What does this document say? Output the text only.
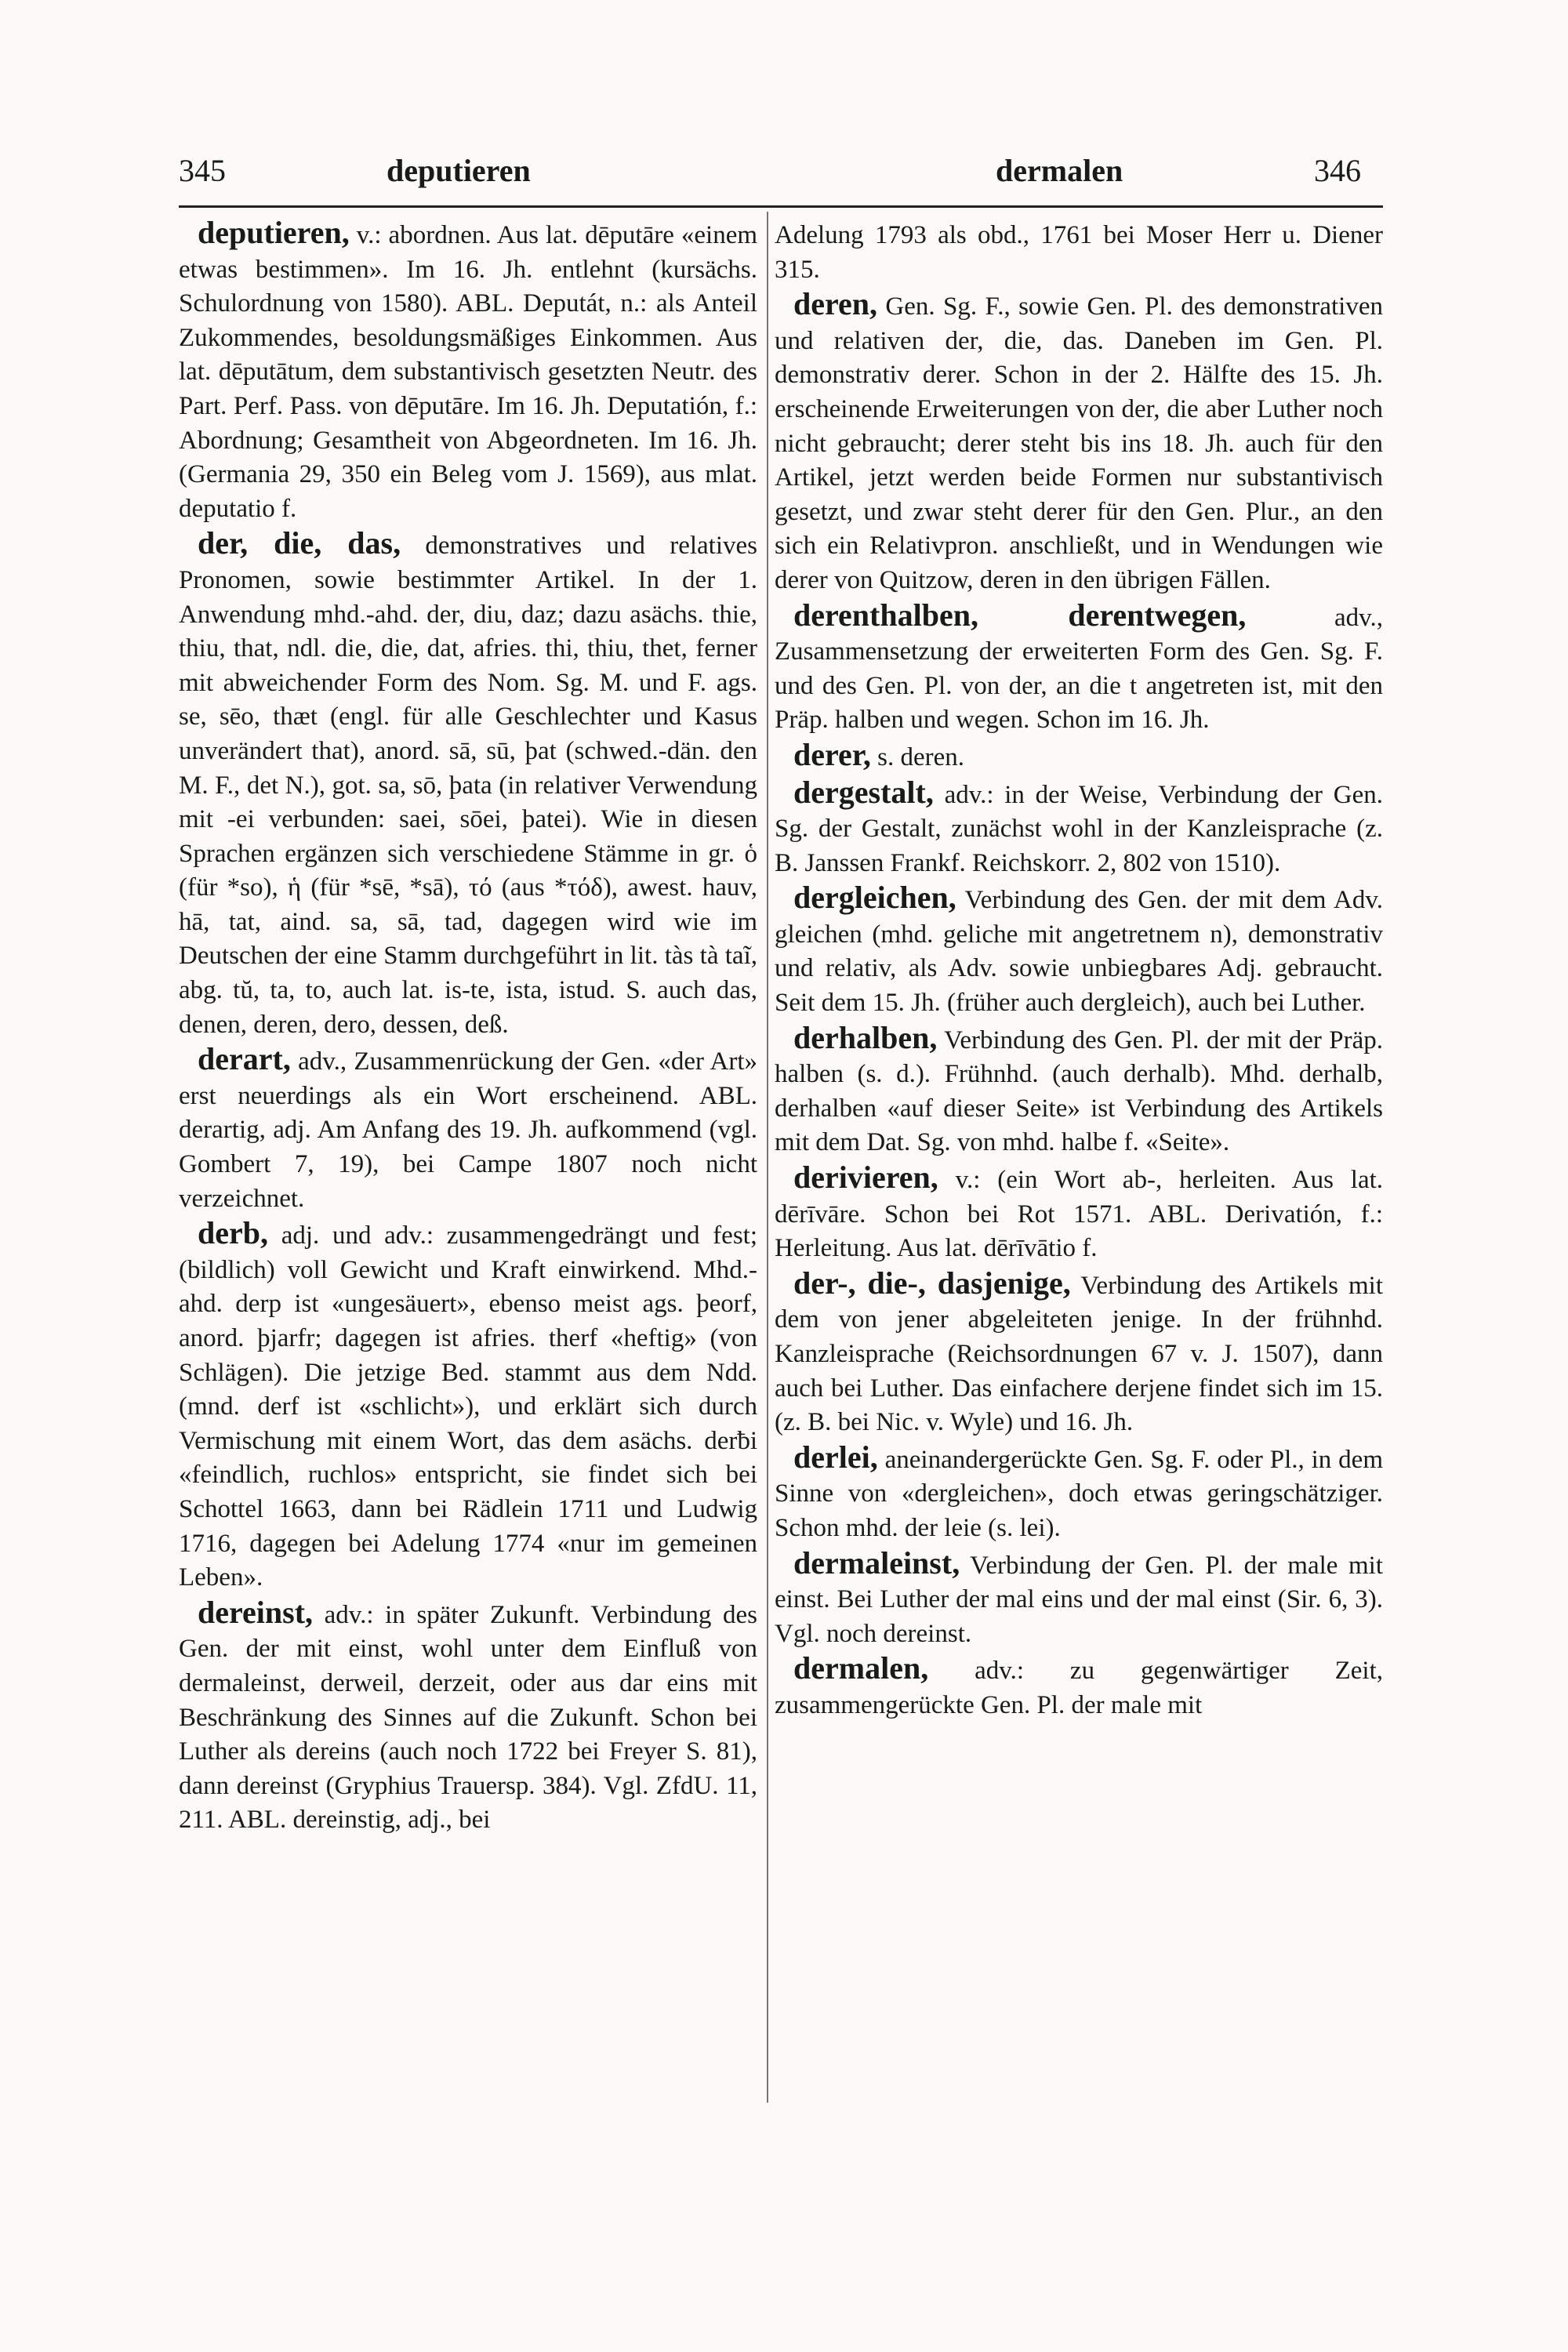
345	deputieren	dermalen	346

deputieren, v.: abordnen. Aus lat. dēputāre «einem etwas bestimmen». Im 16. Jh. entlehnt (kursächs. Schulordnung von 1580). ABL. Deputát, n.: als Anteil Zukommendes, besoldungsmäßiges Einkommen. Aus lat. dēputātum, dem substantivisch gesetzten Neutr. des Part. Perf. Pass. von dēputāre. Im 16. Jh. Deputatión, f.: Abordnung; Gesamtheit von Abgeordneten. Im 16. Jh. (Germania 29, 350 ein Beleg vom J. 1569), aus mlat. deputatio f.

der, die, das, demonstratives und relatives Pronomen, sowie bestimmter Artikel. In der 1. Anwendung mhd.-ahd. der, diu, daz; dazu asächs. thie, thiu, that, ndl. die, die, dat, afries. thi, thiu, thet, ferner mit abweichender Form des Nom. Sg. M. und F. ags. se, sēo, thæt (engl. für alle Geschlechter und Kasus unverändert that), anord. sā, sū, þat (schwed.-dän. den M. F., det N.), got. sa, sō, þata (in relativer Verwendung mit -ei verbunden: saei, sōei, þatei). Wie in diesen Sprachen ergänzen sich verschiedene Stämme in gr. ὁ (für *so), ἡ (für *sē, *sā), τό (aus *τόδ), awest. hauv, hā, tat, aind. sa, sā, tad, dagegen wird wie im Deutschen der eine Stamm durchgeführt in lit. tàs tà taĩ, abg. tŭ, ta, to, auch lat. is-te, ista, istud. S. auch das, denen, deren, dero, dessen, deß.

derart, adv., Zusammenrückung der Gen. «der Art» erst neuerdings als ein Wort erscheinend. ABL. derartig, adj. Am Anfang des 19. Jh. aufkommend (vgl. Gombert 7, 19), bei Campe 1807 noch nicht verzeichnet.

derb, adj. und adv.: zusammengedrängt und fest; (bildlich) voll Gewicht und Kraft einwirkend. Mhd.-ahd. derp ist «ungesäuert», ebenso meist ags. þeorf, anord. þjarfr; dagegen ist afries. therf «heftig» (von Schlägen). Die jetzige Bed. stammt aus dem Ndd. (mnd. derf ist «schlicht»), und erklärt sich durch Vermischung mit einem Wort, das dem asächs. derƀi «feindlich, ruchlos» entspricht, sie findet sich bei Schottel 1663, dann bei Rädlein 1711 und Ludwig 1716, dagegen bei Adelung 1774 «nur im gemeinen Leben».

dereinst, adv.: in später Zukunft. Verbindung des Gen. der mit einst, wohl unter dem Einfluß von dermaleinst, derweil, derzeit, oder aus dar eins mit Beschränkung des Sinnes auf die Zukunft. Schon bei Luther als dereins (auch noch 1722 bei Freyer S. 81), dann dereinst (Gryphius Trauersp. 384). Vgl. ZfdU. 11, 211. ABL. dereinstig, adj., bei

Adelung 1793 als obd., 1761 bei Moser Herr u. Diener 315.

deren, Gen. Sg. F., sowie Gen. Pl. des demonstrativen und relativen der, die, das. Daneben im Gen. Pl. demonstrativ derer. Schon in der 2. Hälfte des 15. Jh. erscheinende Erweiterungen von der, die aber Luther noch nicht gebraucht; derer steht bis ins 18. Jh. auch für den Artikel, jetzt werden beide Formen nur substantivisch gesetzt, und zwar steht derer für den Gen. Plur., an den sich ein Relativpron. anschließt, und in Wendungen wie derer von Quitzow, deren in den übrigen Fällen.

derenthalben, derentwegen,	adv., Zusammensetzung der erweiterten Form des Gen. Sg. F. und des Gen. Pl. von der, an die t angetreten ist, mit den Präp. halben und wegen. Schon im 16. Jh.

derer, s. deren.

dergestalt, adv.: in der Weise, Verbindung der Gen. Sg. der Gestalt, zunächst wohl in der Kanzleisprache (z. B. Janssen Frankf. Reichskorr. 2, 802 von 1510).

dergleichen, Verbindung des Gen. der mit dem Adv. gleichen (mhd. geliche mit angetretnem n), demonstrativ und relativ, als Adv. sowie unbiegbares Adj. gebraucht. Seit dem 15. Jh. (früher auch dergleich), auch bei Luther.

derhalben, Verbindung des Gen. Pl. der mit der Präp. halben (s. d.). Frühnhd. (auch derhalb). Mhd. derhalb, derhalben «auf dieser Seite» ist Verbindung des Artikels mit dem Dat. Sg. von mhd. halbe f. «Seite».

derivieren, v.: (ein Wort ab-, herleiten. Aus lat. dērīvāre. Schon bei Rot 1571. ABL. Derivatión, f.: Herleitung. Aus lat. dērīvātio f.

der-, die-, dasjenige, Verbindung des Artikels mit dem von jener abgeleiteten jenige. In der frühnhd. Kanzleisprache (Reichsordnungen 67 v. J. 1507), dann auch bei Luther. Das einfachere derjene findet sich im 15. (z. B. bei Nic. v. Wyle) und 16. Jh.

derlei, aneinandergerückte Gen. Sg. F. oder Pl., in dem Sinne von «dergleichen», doch etwas geringschätziger. Schon mhd. der leie (s. lei).

dermaleinst, Verbindung der Gen. Pl. der male mit einst. Bei Luther der mal eins und der mal einst (Sir. 6, 3). Vgl. noch dereinst.

dermalen, adv.: zu gegenwärtiger Zeit, zusammengerückte Gen. Pl. der male mit
